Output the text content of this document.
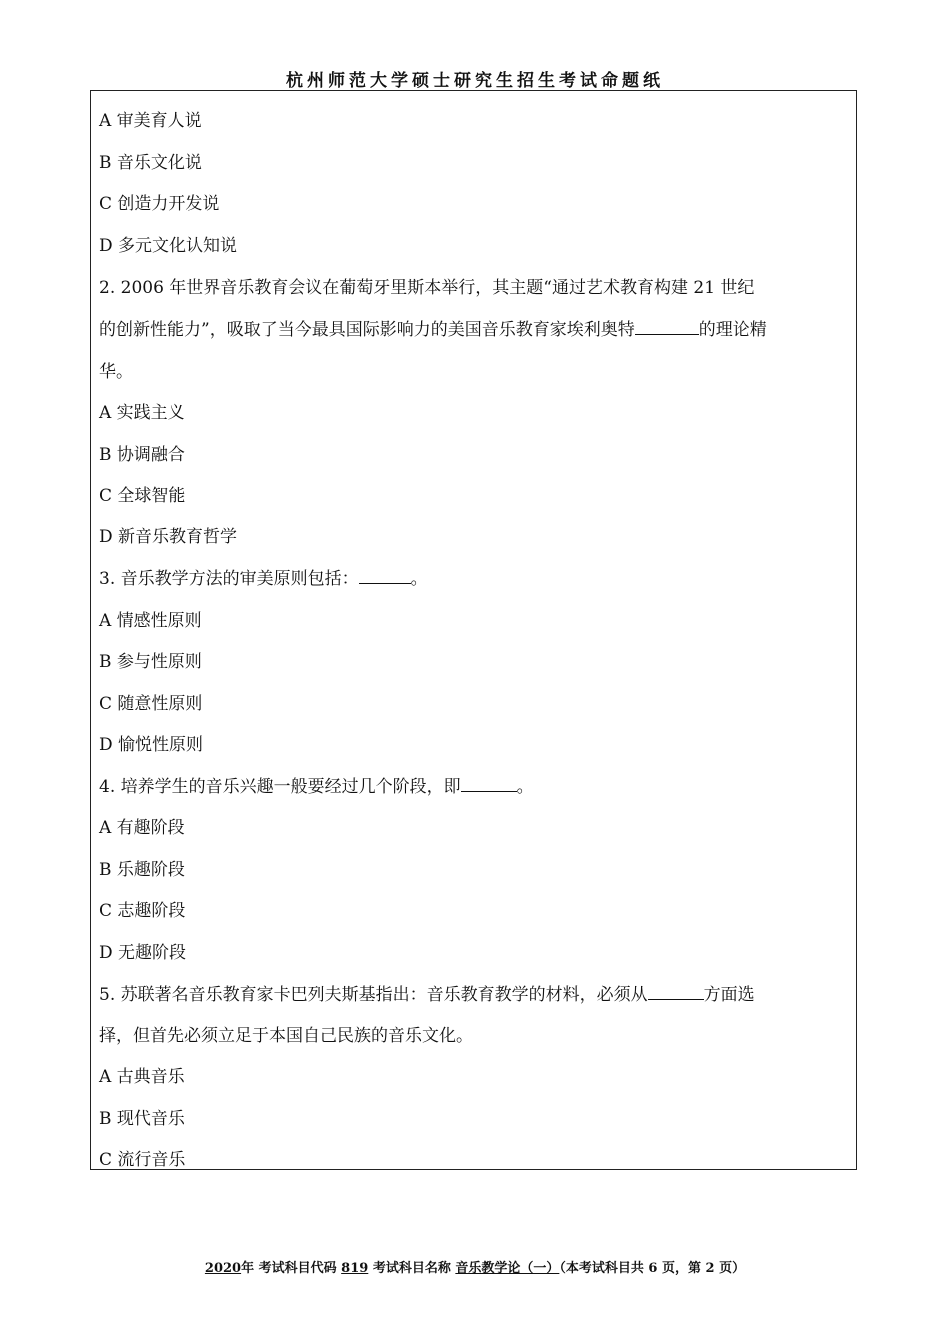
杭州师范大学硕士研究生招生考试命题纸
A 审美育人说
B 音乐文化说
C 创造力开发说
D 多元文化认知说
2. 2006 年世界音乐教育会议在葡萄牙里斯本举行，其主题“通过艺术教育构建 21 世纪
的创新性能力”，吸取了当今最具国际影响力的美国音乐教育家埃利奥特	的理论精
华。
A 实践主义
B 协调融合
C 全球智能
D 新音乐教育哲学
3. 音乐教学方法的审美原则包括：	。
A 情感性原则
B 参与性原则
C 随意性原则
D 愉悦性原则
4. 培养学生的音乐兴趣一般要经过几个阶段，即	。
A 有趣阶段
B 乐趣阶段
C 志趣阶段
D 无趣阶段
5. 苏联著名音乐教育家卡巴列夫斯基指出：音乐教育教学的材料，必须从	方面选
择，但首先必须立足于本国自己民族的音乐文化。
A 古典音乐
B 现代音乐
C 流行音乐
2020年 考试科目代码 819 考试科目名称 音乐教学论（一）（本考试科目共 6 页，第 2 页）
